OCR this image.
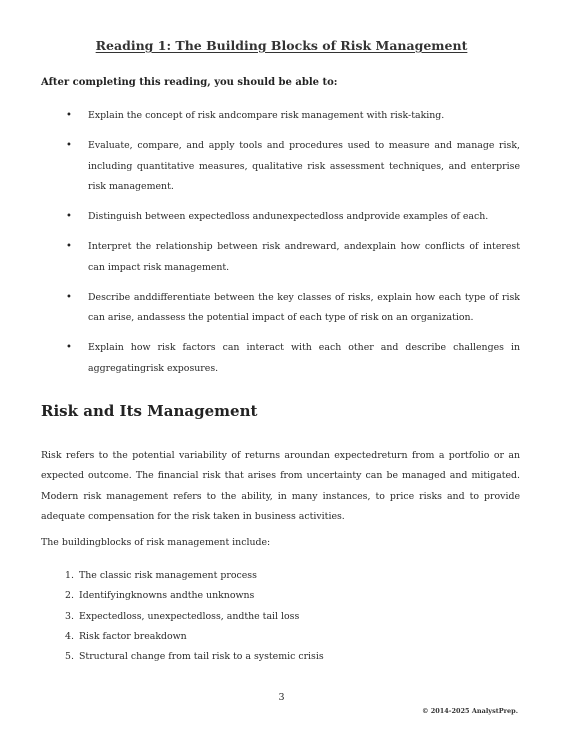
Reading 1: The Building Blocks of Risk Management
After completing this reading, you should be able to:
• Explain the concept of risk andcompare risk management with risk-taking.
• Evaluate, compare, and apply tools and procedures used to measure and manage risk, including quantitative measures, qualitative risk assessment techniques, and enterprise risk management.
• Distinguish between expectedloss andunexpectedloss andprovide examples of each.
• Interpret the relationship between risk andreward, andexplain how conflicts of interest can impact risk management.
• Describe anddifferentiate between the key classes of risks, explain how each type of risk can arise, andassess the potential impact of each type of risk on an organization.
• Explain how risk factors can interact with each other and describe challenges in aggregatingrisk exposures.
Risk and Its Management

Risk refers to the potential variability of returns aroundan expectedreturn from a portfolio or an expected outcome. The financial risk that arises from uncertainty can be managed and mitigated. Modern risk management refers to the ability, in many instances, to price risks and to provide adequate compensation for the risk taken in business activities.

The buildingblocks of risk management include:

1. The classic risk management process
2. Identifyingknowns andthe unknowns
3. Expectedloss, unexpectedloss, andthe tail loss
4. Risk factor breakdown
5. Structural change from tail risk to a systemic crisis
3
© 2014-2025 AnalystPrep.
